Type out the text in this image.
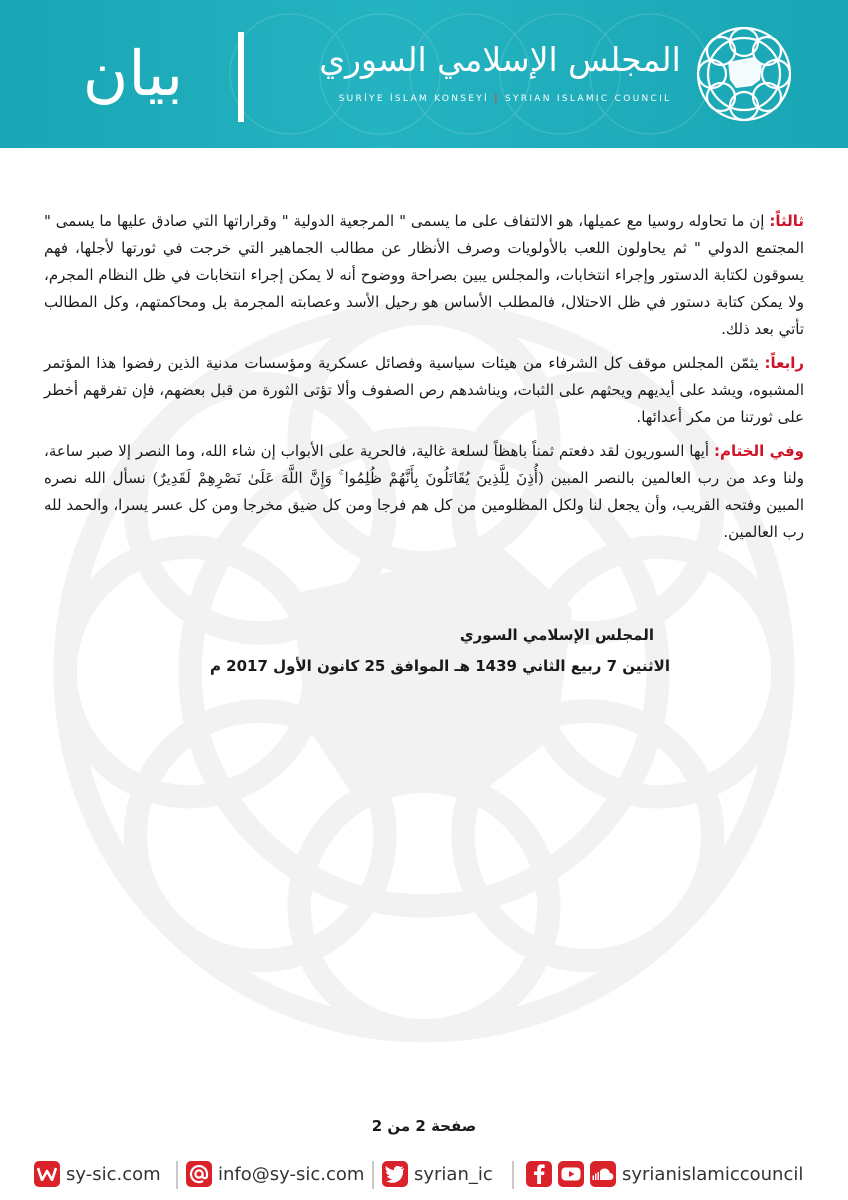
بيان	المجلس الإسلامي السوري
SURİYE İSLAM KONSEYİ | SYRIAN ISLAMIC COUNCIL

ثالثاً: إن ما تحاوله روسيا مع عميلها، هو الالتفاف على ما يسمى " المرجعية الدولية " وقراراتها التي صادق عليها ما يسمى " المجتمع الدولي " ثم يحاولون اللعب بالأولويات وصرف الأنظار عن مطالب الجماهير التي خرجت في ثورتها لأجلها، فهم يسوقون لكتابة الدستور وإجراء انتخابات، والمجلس يبين بصراحة ووضوح أنه لا يمكن إجراء انتخابات في ظل النظام المجرم، ولا يمكن كتابة دستور في ظل الاحتلال، فالمطلب الأساس هو رحيل الأسد وعصابته المجرمة بل ومحاكمتهم، وكل المطالب تأتي بعد ذلك.

رابعاً: يثمّن المجلس موقف كل الشرفاء من هيئات سياسية وفصائل عسكرية ومؤسسات مدنية الذين رفضوا هذا المؤتمر المشبوه، ويشد على أيديهم ويحثهم على الثبات، ويناشدهم رص الصفوف وألا تؤتى الثورة من قبل بعضهم، فإن تفرقهم أخطر على ثورتنا من مكر أعدائها.

وفي الختام: أيها السوريون لقد دفعتم ثمناً باهظاً لسلعة غالية، فالحرية على الأبواب إن شاء الله، وما النصر إلا صبر ساعة، ولنا وعد من رب العالمين بالنصر المبين (أُذِنَ لِلَّذِينَ يُقَاتَلُونَ بِأَنَّهُمْ ظُلِمُوا ۚ وَإِنَّ اللَّهَ عَلَىٰ نَصْرِهِمْ لَقَدِيرٌ) نسأل الله نصره المبين وفتحه القريب، وأن يجعل لنا ولكل المظلومين من كل هم فرجا ومن كل ضيق مخرجا ومن كل عسر يسرا، والحمد لله رب العالمين.

المجلس الإسلامي السوري
الاثنين 7 ربيع الثاني 1439 هـ الموافق 25 كانون الأول 2017 م
صفحة 2 من 2
sy-sic.com	info@sy-sic.com	syrian_ic	syrianislamiccouncil
